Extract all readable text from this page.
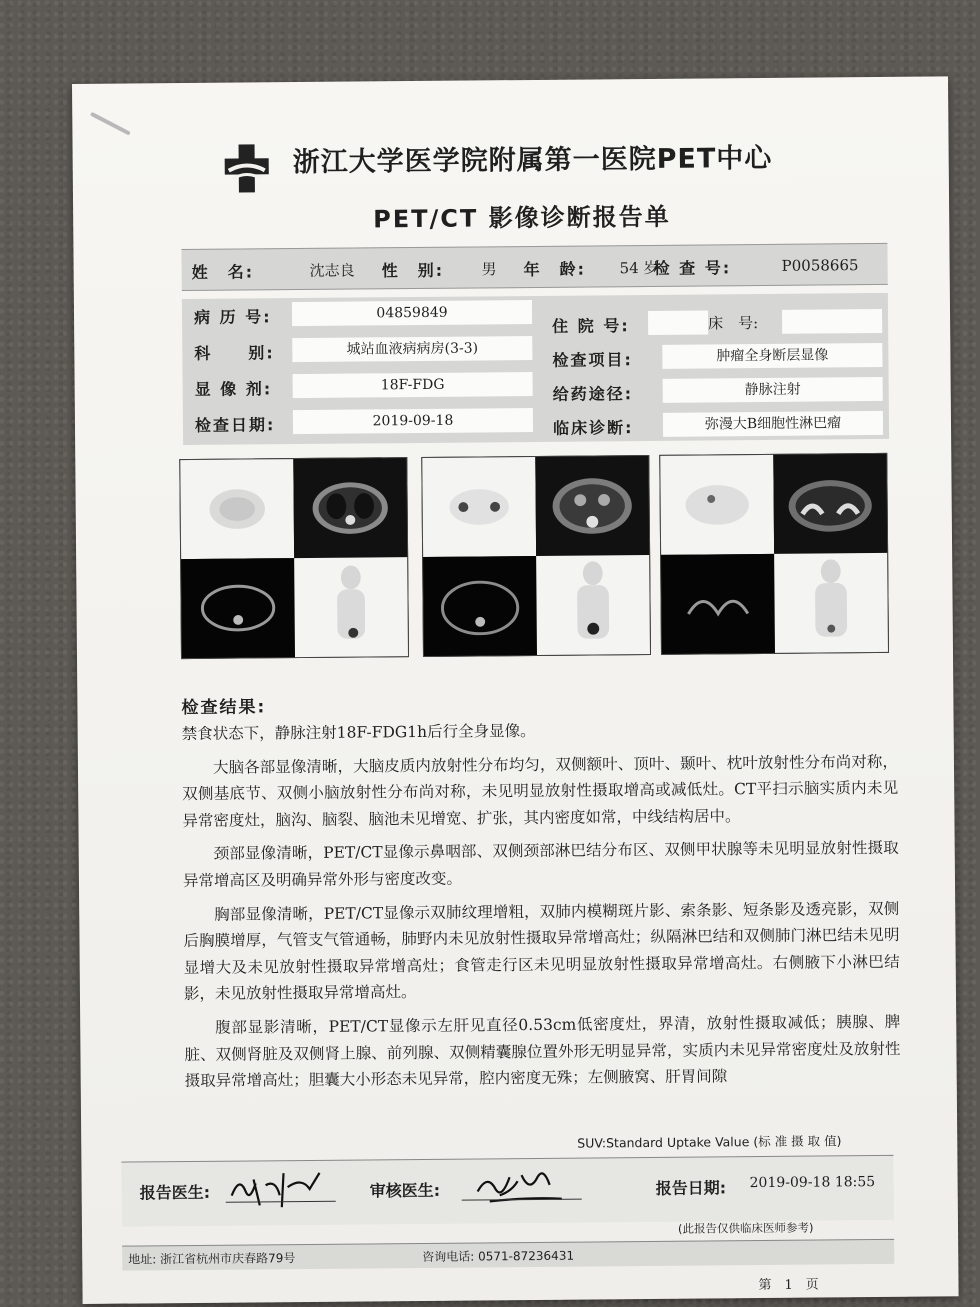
浙江大学医学院附属第一医院PET中心
PET/CT 影像诊断报告单
姓　名:	沈志良 性　别: 男 年　龄: 54 岁
检 查 号:	P0058665
病 历 号:	04859849
科　　别:	城站血液病病房(3-3)
显 像 剂:	18F-FDG
检查日期:	2019-09-18
住 院 号:	床　号:
检查项目:	肿瘤全身断层显像
给药途径:	静脉注射
临床诊断:	弥漫大B细胞性淋巴瘤
检查结果:

禁食状态下，静脉注射18F-FDG1h后行全身显像。

大脑各部显像清晰，大脑皮质内放射性分布均匀，双侧额叶、顶叶、颞叶、枕叶放射性分布尚对称，双侧基底节、双侧小脑放射性分布尚对称，未见明显放射性摄取增高或减低灶。CT平扫示脑实质内未见异常密度灶，脑沟、脑裂、脑池未见增宽、扩张，其内密度如常，中线结构居中。

颈部显像清晰，PET/CT显像示鼻咽部、双侧颈部淋巴结分布区、双侧甲状腺等未见明显放射性摄取异常增高区及明确异常外形与密度改变。

胸部显像清晰，PET/CT显像示双肺纹理增粗，双肺内模糊斑片影、索条影、短条影及透亮影，双侧后胸膜增厚，气管支气管通畅，肺野内未见放射性摄取异常增高灶；纵隔淋巴结和双侧肺门淋巴结未见明显增大及未见放射性摄取异常增高灶；食管走行区未见明显放射性摄取异常增高灶。右侧腋下小淋巴结影，未见放射性摄取异常增高灶。

腹部显影清晰，PET/CT显像示左肝见直径0.53cm低密度灶，界清，放射性摄取减低；胰腺、脾脏、双侧肾脏及双侧肾上腺、前列腺、双侧精囊腺位置外形无明显异常，实质内未见异常密度灶及放射性摄取异常增高灶；胆囊大小形态未见异常，腔内密度无殊；左侧腋窝、肝胃间隙

SUV:Standard Uptake Value (标 准 摄 取 值)
报告医生:	审核医生:	报告日期: 2019-09-18 18:55
(此报告仅供临床医师参考)
地址: 浙江省杭州市庆春路79号	咨询电话: 0571-87236431
第　1　页
